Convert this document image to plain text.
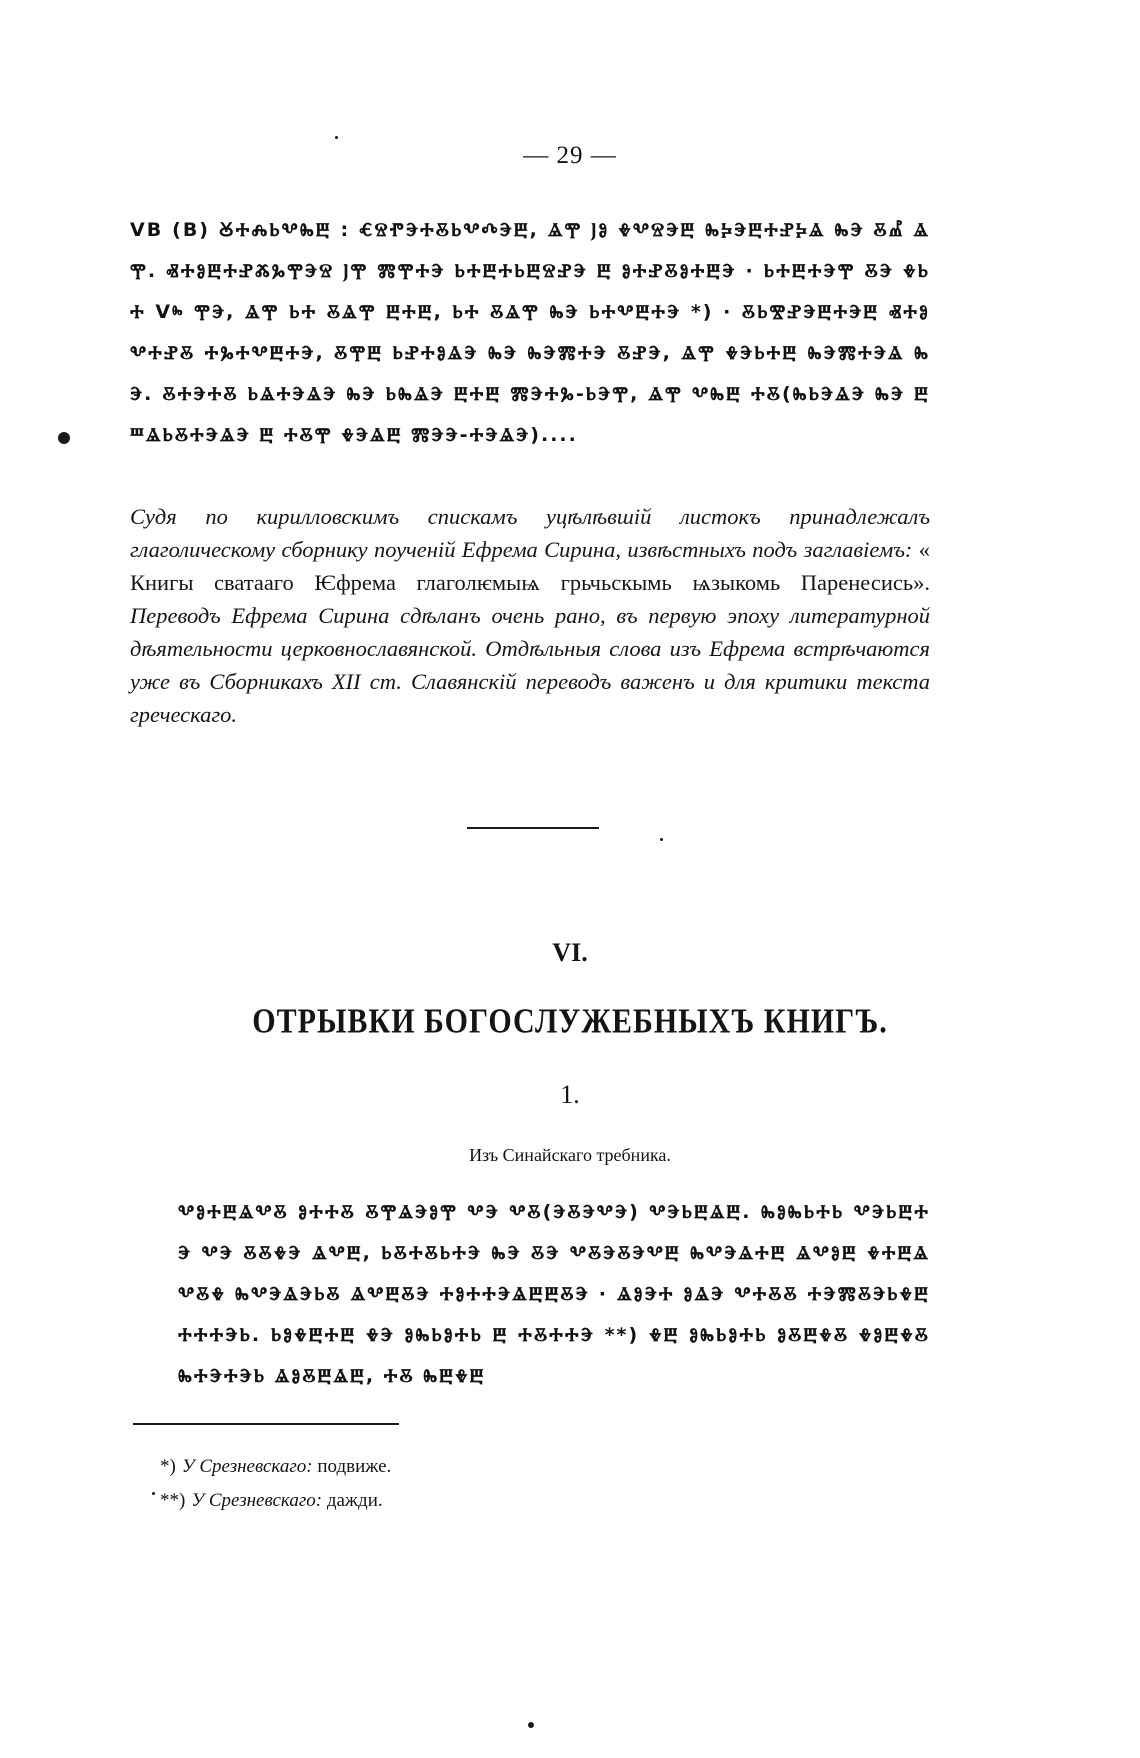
— 29 —
VB (B) ꙊⰀⰎⰓⰂⰈⰁ : ⰤⰔⰒⰅⰀⰋⰓⰂⰄⰅⰁ, ⰡⰉ ⰬⰑ ⰇⰂⰔⰅⰁ ⰈⰍⰅⰁⰀⰐⰍⰡ ⰈⰅ ⰋⰌ ⰡⰉ. ⰟⰀⰑⰁⰀⰐⰆⰃⰉⰅⰔ ⰬⰉ ⰏⰉⰀⰅ ⰓⰀⰁⰀⰓⰁⰔⰐⰅ Ⰱ ⰑⰀⰐⰋⰑⰀⰁⰅ · ⰓⰀⰁⰀⰅⰉ ⰋⰅ ⰇⰓⰀ Vⰸ ⰉⰅ, ⰡⰉ ⰓⰀ ⰋⰡⰉ ⰁⰀⰁ, ⰓⰀ ⰋⰡⰉ ⰈⰅ ⰓⰀⰂⰁⰀⰅ *) · ⰋⰓⰊⰐⰅⰁⰀⰅⰁ ⰟⰀⰑⰂⰀⰐⰋ ⰀⰃⰀⰂⰁⰀⰅ, ⰋⰉⰁ ⰓⰐⰀⰑⰡⰅ ⰈⰅ ⰈⰅⰏⰀⰅ ⰋⰐⰅ, ⰡⰉ ⰇⰅⰓⰀⰁ ⰈⰅⰏⰀⰅⰡ ⰈⰅ. ⰋⰀⰅⰀⰋ ⰓⰡⰀⰅⰡⰅ ⰈⰅ ⰓⰈⰡⰅ ⰁⰀⰁ ⰏⰅⰀⰃ-ⰓⰅⰉ, ⰡⰉ ⰂⰈⰁ ⰀⰋ(ⰈⰓⰅⰡⰅ ⰈⰅ Ⰱ ⰞⰡⰓⰋⰀⰅⰡⰅ Ⰱ ⰀⰋⰉ ⰇⰅⰡⰁ ⰏⰅⰅ-ⰀⰅⰡⰅ)....
Судя по кирилловскимъ спискамъ уцѣлѣвшiй листокъ принадлежалъ глаголическому сборнику поученiй Ефрема Сирина, извѣстныхъ подъ заглавiемъ: « Книгы сватааго Ѥфрема глаголѥмыѩ грьчьскымь ѩзыкомь Паренесись». Переводъ Ефрема Сирина сдѣланъ очень рано, въ первую эпоху литературной дѣятельности церковнославянской. Отдѣльныя слова изъ Ефрема встрѣчаются уже въ Сборникахъ XII ст. Славянскiй переводъ важенъ и для критики текста греческаго.
VI.
ОТРЫВКИ БОГОСЛУЖЕБНЫХЪ КНИГЪ.
1.
Изъ Синайскаго требника.
ⰂⰑⰀⰁⰡⰂⰋ ⰑⰀⰀⰋ ⰋⰉⰡⰅⰑⰉ ⰂⰅ ⰂⰋ(ⰅⰋⰅⰂⰅ) ⰂⰅⰓⰁⰡⰁ. ⰈⰑⰈⰓⰀⰓ ⰂⰅⰓⰁⰀⰅ ⰂⰅ ⰋⰋⰇⰅ ⰡⰂⰁ, ⰓⰋⰀⰋⰓⰀⰅ ⰈⰅ ⰋⰅ ⰂⰋⰅⰋⰅⰂⰁ ⰈⰂⰅⰡⰀⰁ ⰡⰂⰑⰁ ⰇⰀⰁⰡⰂⰋⰇ ⰈⰂⰅⰡⰅⰓⰋ ⰡⰂⰁⰋⰅ ⰀⰑⰀⰀⰅⰡⰁⰁⰋⰅ · ⰡⰑⰅⰀ ⰑⰡⰅ ⰂⰀⰋⰋ ⰀⰅⰏⰋⰅⰓⰇⰁ ⰀⰀⰀⰅⰓ. ⰓⰑⰇⰁⰀⰁ ⰇⰅ ⰑⰈⰓⰑⰀⰓ Ⰱ ⰀⰋⰀⰀⰅ **) ⰇⰁ ⰑⰈⰓⰑⰀⰓ ⰑⰋⰁⰇⰋ ⰇⰑⰁⰇⰋ ⰈⰀⰅⰀⰅⰓ ⰡⰑⰋⰁⰡⰁ, ⰀⰋ ⰈⰁⰇⰁ
*) У Срезневскаго: подвиже.
**) У Срезневскаго: дажди.
